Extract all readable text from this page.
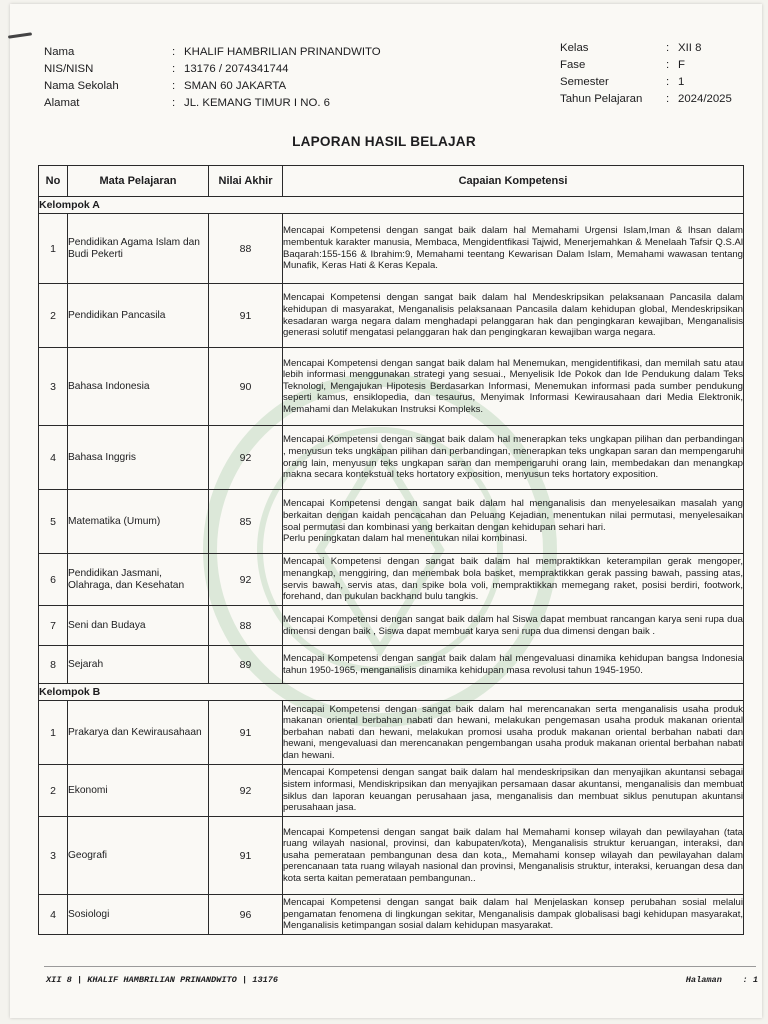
Nama	: KHALIF HAMBRILIAN PRINANDWITO
NIS/NISN	: 13176 / 2074341744
Nama Sekolah	: SMAN 60 JAKARTA
Alamat	: JL. KEMANG TIMUR I NO. 6
Kelas	: XII 8
Fase	: F
Semester	: 1
Tahun Pelajaran	: 2024/2025
LAPORAN HASIL BELAJAR
No	Mata Pelajaran	Nilai Akhir	Capaian Kompetensi
Kelompok A			
1	Pendidikan Agama Islam dan Budi Pekerti	88	Mencapai Kompetensi dengan sangat baik dalam hal Memahami Urgensi Islam,Iman & Ihsan dalam membentuk karakter manusia, Membaca, Mengidentfikasi Tajwid, Menerjemahkan & Menelaah Tafsir Q.S.Al Baqarah:155-156 & Ibrahim:9, Memahami teentang Kewarisan Dalam Islam, Memahami wawasan tentang Munafik, Keras Hati & Keras Kepala.
2	Pendidikan Pancasila	91	Mencapai Kompetensi dengan sangat baik dalam hal Mendeskripsikan pelaksanaan Pancasila dalam kehidupan di masyarakat, Menganalisis pelaksanaan Pancasila dalam kehidupan global, Mendeskripsikan kesadaran warga negara dalam menghadapi pelanggaran hak dan pengingkaran kewajiban, Menganalisis generasi solutif mengatasi pelanggaran hak dan pengingkaran kewajiban warga negara.
3	Bahasa Indonesia	90	Mencapai Kompetensi dengan sangat baik dalam hal Menemukan, mengidentifikasi, dan memilah satu atau lebih informasi menggunakan strategi yang sesuai., Menyelisik Ide Pokok dan Ide Pendukung dalam Teks Teknologi, Mengajukan Hipotesis Berdasarkan Informasi, Menemukan informasi pada sumber pendukung seperti kamus, ensiklopedia, dan tesaurus, Menyimak Informasi Kewirausahaan dari Media Elektronik, Memahami dan Melakukan Instruksi Kompleks.
4	Bahasa Inggris	92	Mencapai Kompetensi dengan sangat baik dalam hal menerapkan teks ungkapan pilihan dan perbandingan , menyusun teks ungkapan pilihan dan perbandingan, menerapkan teks ungkapan saran dan mempengaruhi orang lain, menyusun teks ungkapan saran dan mempengaruhi orang lain, membedakan dan menangkap makna secara kontekstual teks hortatory exposition, menyusun teks hortatory exposition.
5	Matematika (Umum)	85	Mencapai Kompetensi dengan sangat baik dalam hal menganalisis dan menyelesaikan masalah yang berkaitan dengan kaidah pencacahan dan Peluang Kejadian, menentukan nilai permutasi, menyelesaikan soal permutasi dan kombinasi yang berkaitan dengan kehidupan sehari hari.
Perlu peningkatan dalam hal menentukan nilai kombinasi.
6	Pendidikan Jasmani, Olahraga, dan Kesehatan	92	Mencapai Kompetensi dengan sangat baik dalam hal mempraktikkan keterampilan gerak mengoper, menangkap, menggiring, dan menembak bola basket, mempraktikkan gerak passing bawah, passing atas, servis bawah, servis atas, dan spike bola voli, mempraktikkan memegang raket, posisi berdiri, footwork, forehand, dan pukulan backhand bulu tangkis.
7	Seni dan Budaya	88	Mencapai Kompetensi dengan sangat baik dalam hal Siswa dapat membuat rancangan karya seni rupa dua dimensi dengan baik , Siswa dapat membuat karya seni rupa dua dimensi dengan baik .
8	Sejarah	89	Mencapai Kompetensi dengan sangat baik dalam hal mengevaluasi dinamika kehidupan bangsa Indonesia tahun 1950-1965, menganalisis dinamika kehidupan masa revolusi tahun 1945-1950.
Kelompok B			
1	Prakarya dan Kewirausahaan	91	Mencapai Kompetensi dengan sangat baik dalam hal merencanakan serta menganalisis usaha produk makanan oriental berbahan nabati dan hewani, melakukan pengemasan usaha produk makanan oriental berbahan nabati dan hewani, melakukan promosi usaha produk makanan oriental berbahan nabati dan hewani, mengevaluasi dan merencanakan pengembangan usaha produk makanan oriental berbahan nabati dan hewani.
2	Ekonomi	92	Mencapai Kompetensi dengan sangat baik dalam hal mendeskripsikan dan menyajikan akuntansi sebagai sistem informasi, Mendiskripsikan dan menyajikan persamaan dasar akuntansi, menganalisis dan membuat siklus dan laporan keuangan perusahaan jasa, menganalisis dan membuat siklus penutupan akuntansi perusahaan jasa.
3	Geografi	91	Mencapai Kompetensi dengan sangat baik dalam hal Memahami konsep wilayah dan pewilayahan (tata ruang wilayah nasional, provinsi, dan kabupaten/kota), Menganalisis struktur keruangan, interaksi, dan usaha pemerataan pembangunan desa dan kota,, Memahami konsep wilayah dan pewilayahan dalam perencanaan tata ruang wilayah nasional dan provinsi, Menganalisis struktur, interaksi, keruangan desa dan kota serta kaitan pemerataan pembangunan..
4	Sosiologi	96	Mencapai Kompetensi dengan sangat baik dalam hal Menjelaskan konsep perubahan sosial melalui pengamatan fenomena di lingkungan sekitar, Menganalisis dampak globalisasi bagi kehidupan masyarakat, Menganalisis ketimpangan sosial dalam kehidupan masyarakat.
XII 8 | KHALIF HAMBRILIAN PRINANDWITO | 13176	Halaman : 1
